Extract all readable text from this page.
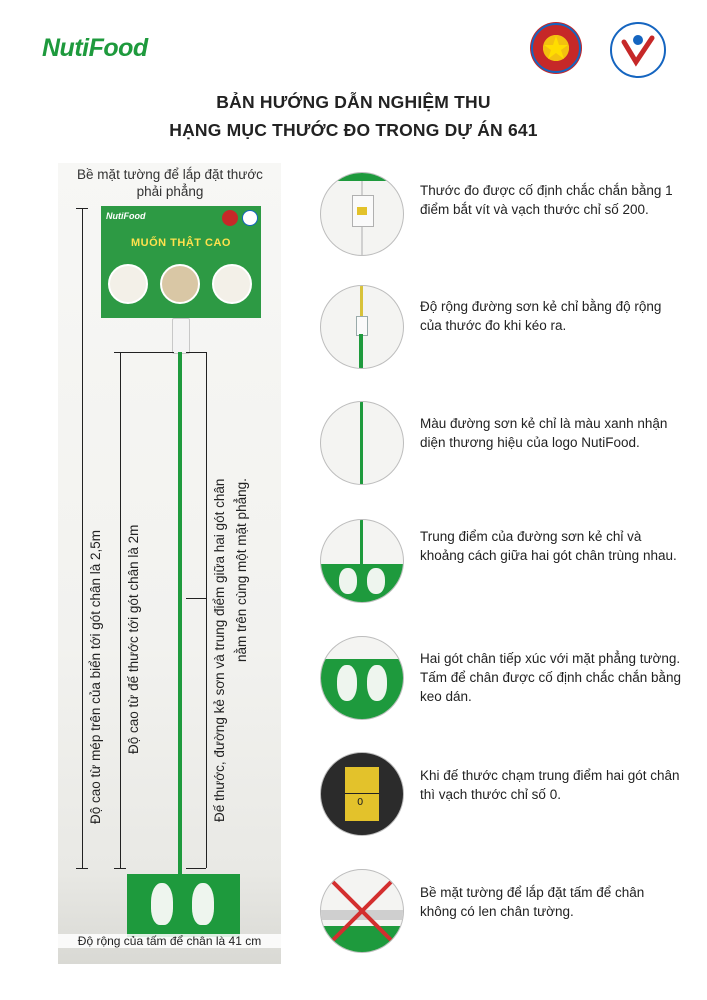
NutiFood
BẢN HƯỚNG DẪN NGHIỆM THU
HẠNG MỤC THƯỚC ĐO TRONG DỰ ÁN 641
Bề mặt tường để lắp đặt thước phải phẳng
NutiFood
MUỐN THẬT CAO
Độ cao từ mép trên của biển tới gót chân là 2,5m Độ cao từ đế thước tới gót chân là 2m	Đế thước, đường kẻ sơn và trung điểm giữa hai gót chân nằm trên cùng một mặt phẳng.
Độ rộng của tấm để chân là 41 cm
Thước đo được cố định chắc chắn bằng 1 điểm bắt vít và vạch thước chỉ số 200.
Độ rộng đường sơn kẻ chỉ bằng độ rộng của thước đo khi kéo ra.
Màu đường sơn kẻ chỉ là màu xanh nhận diện thương hiệu của logo NutiFood.
Trung điểm của đường sơn kẻ chỉ và khoảng cách giữa hai gót chân trùng nhau.
Hai gót chân tiếp xúc với mặt phẳng tường. Tấm để chân được cố định chắc chắn bằng keo dán.
0
Khi đế thước chạm trung điểm hai gót chân thì vạch thước chỉ số 0.
Bề mặt tường để lắp đặt tấm để chân không có len chân tường.
